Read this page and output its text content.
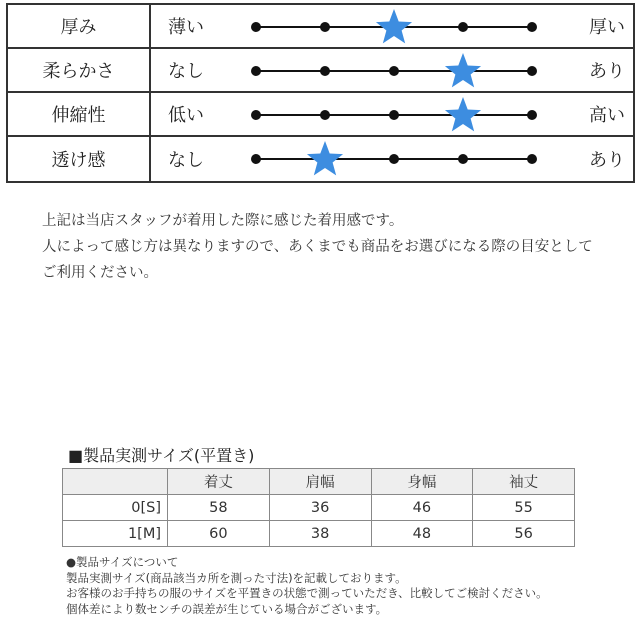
厚み	薄い	厚い
柔らかさ	なし	あり
伸縮性	低い	高い
透け感	なし	あり
上記は当店スタッフが着用した際に感じた着用感です。
人によって感じ方は異なりますので、あくまでも商品をお選びになる際の目安として
ご利用ください。
■製品実測サイズ(平置き)
	着丈	肩幅	身幅	袖丈
0[S]	58	36	46	55
1[M]	60	38	48	56
●製品サイズについて
製品実測サイズ(商品該当カ所を測った寸法)を記載しております。
お客様のお手持ちの服のサイズを平置きの状態で測っていただき、比較してご検討ください。
個体差により数センチの誤差が生じている場合がございます。
